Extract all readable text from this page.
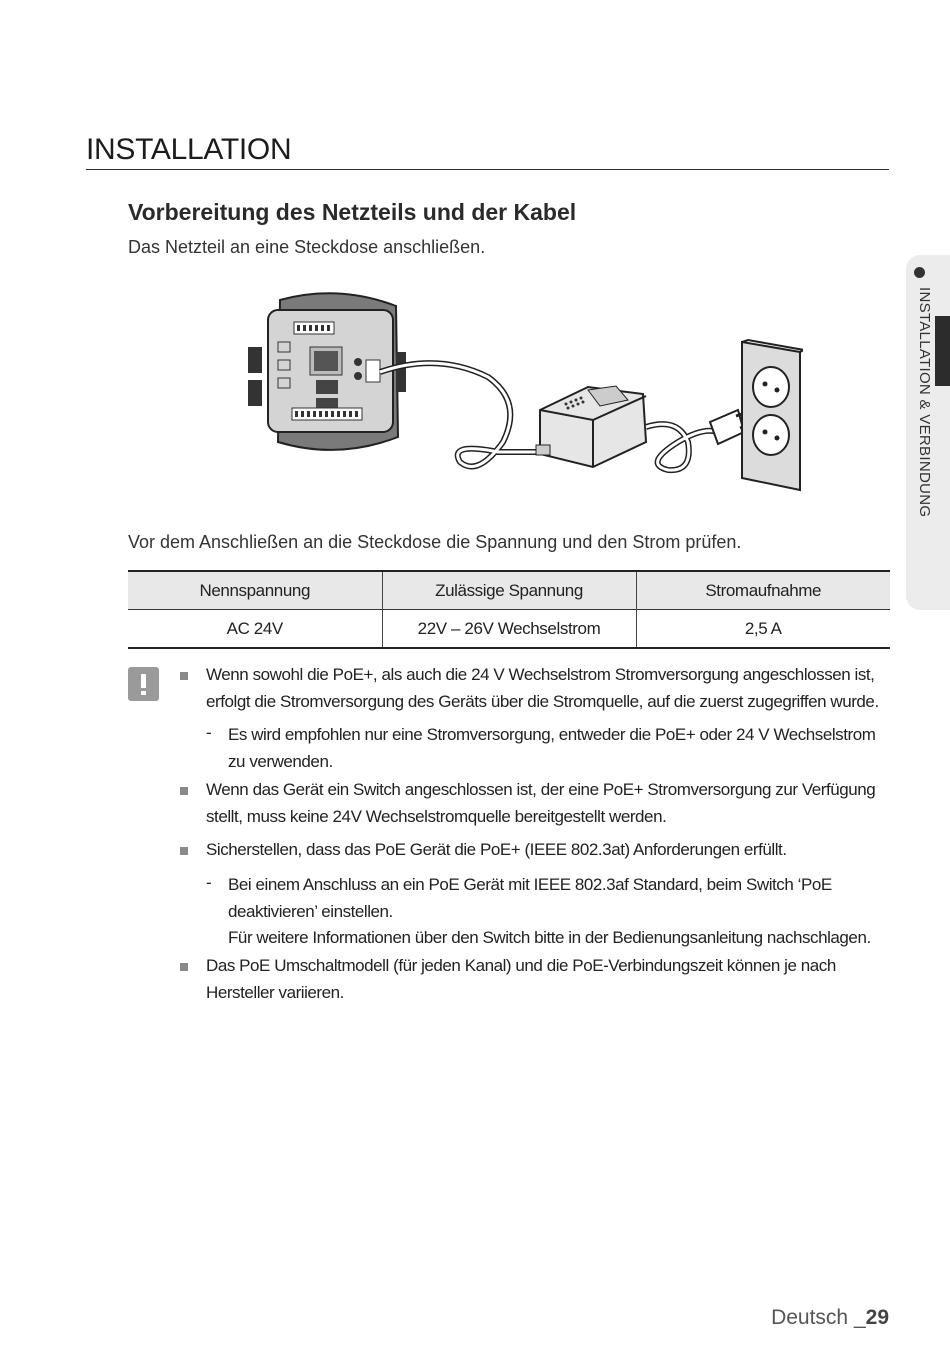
INSTALLATION
Vorbereitung des Netzteils und der Kabel
Das Netzteil an eine Steckdose anschließen.
Vor dem Anschließen an die Steckdose die Spannung und den Strom prüfen.
Nennspannung	Zulässige Spannung	Stromaufnahme
AC 24V	22V – 26V Wechselstrom	2,5 A
Wenn sowohl die PoE+, als auch die 24 V Wechselstrom Stromversorgung angeschlossen ist, erfolgt die Stromversorgung des Geräts über die Stromquelle, auf die zuerst zugegriffen wurde.
- Es wird empfohlen nur eine Stromversorgung, entweder die PoE+ oder 24 V Wechselstrom zu verwenden.
Wenn das Gerät ein Switch angeschlossen ist, der eine PoE+ Stromversorgung zur Verfügung stellt, muss keine 24V Wechselstromquelle bereitgestellt werden.
Sicherstellen, dass das PoE Gerät die PoE+ (IEEE 802.3at) Anforderungen erfüllt.
- Bei einem Anschluss an ein PoE Gerät mit IEEE 802.3af Standard, beim Switch ‘PoE deaktivieren’ einstellen.
Für weitere Informationen über den Switch bitte in der Bedienungsanleitung nachschlagen.
Das PoE Umschaltmodell (für jeden Kanal) und die PoE-Verbindungszeit können je nach Hersteller variieren.
INSTALLATION & VERBINDUNG
Deutsch _29
